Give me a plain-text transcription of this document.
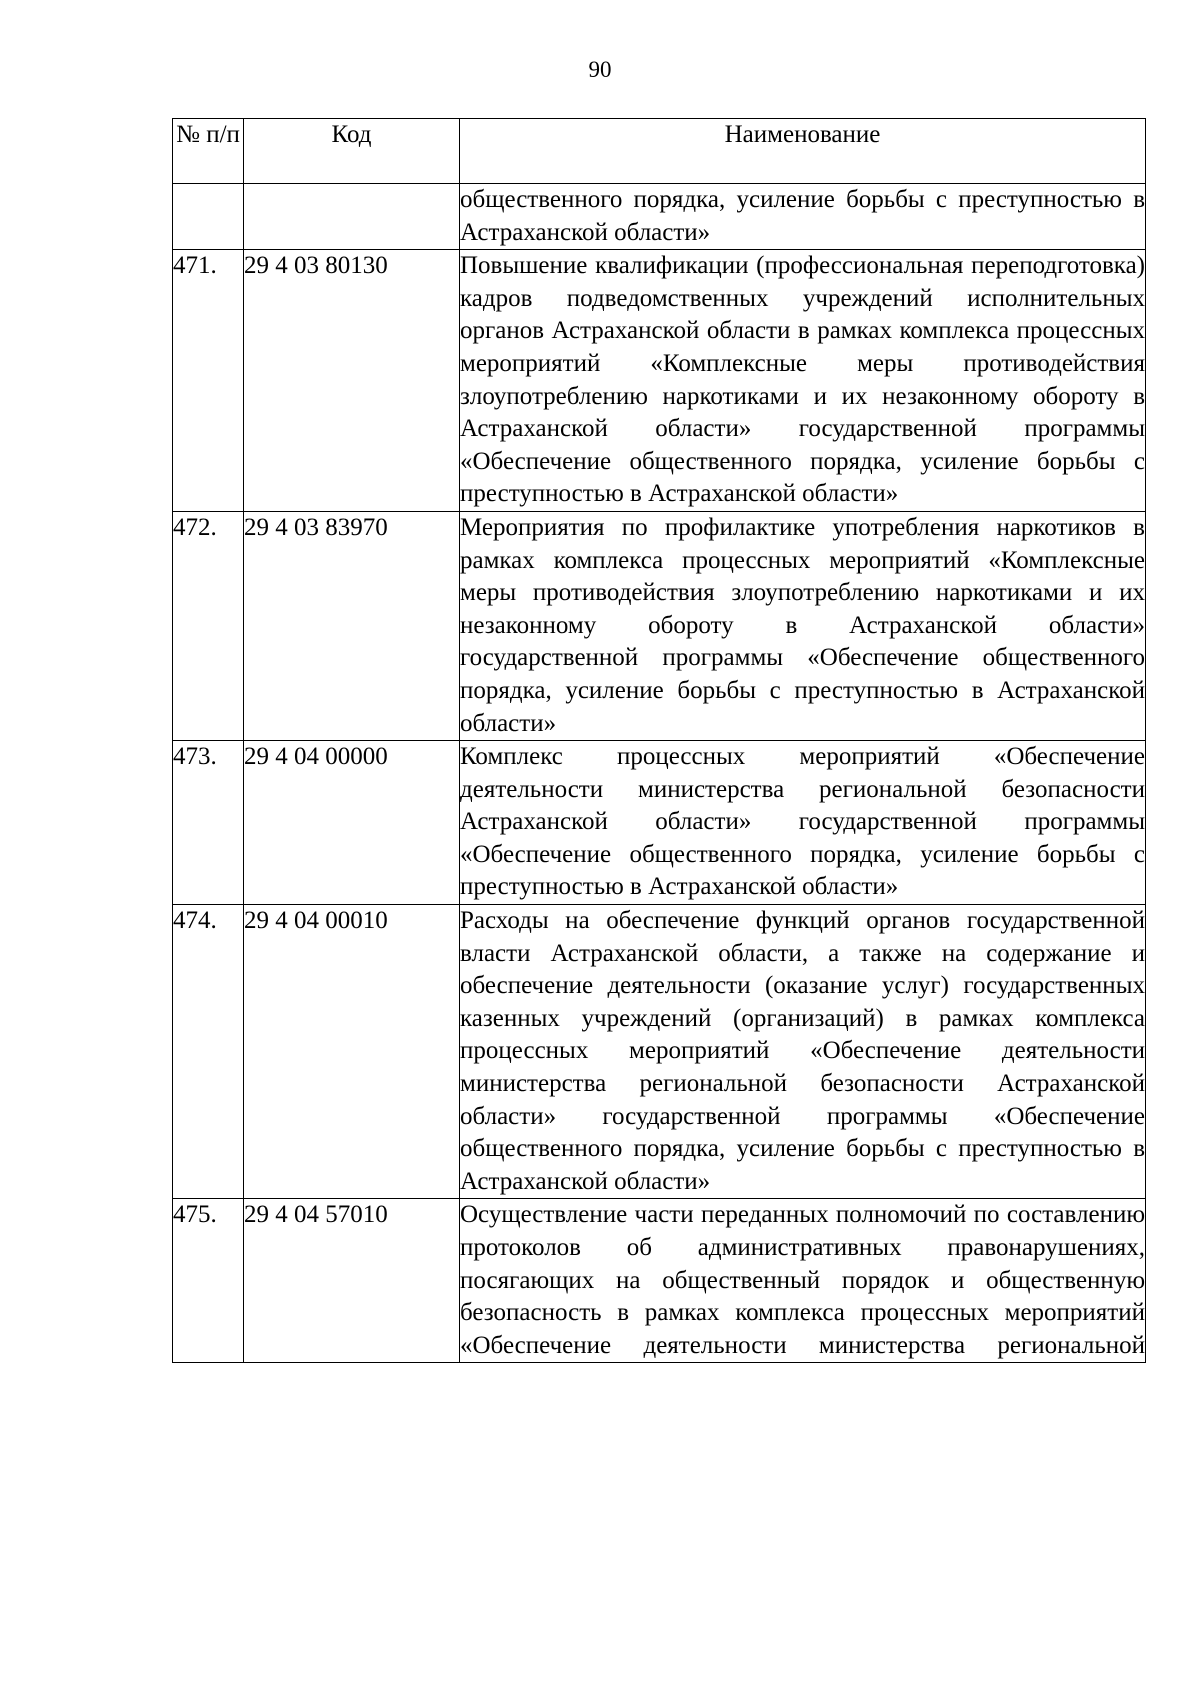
90
№ п/п	Код	Наименование
		общественного порядка, усиление борьбы с преступностью в Астраханской области»
471.	29 4 03 80130	Повышение квалификации (профессиональная переподготовка) кадров подведомственных учреждений исполнительных органов Астраханской области в рамках комплекса процессных мероприятий «Комплексные меры противодействия злоупотреблению наркотиками и их незаконному обороту в Астраханской области» государственной программы «Обеспечение общественного порядка, усиление борьбы с преступностью в Астраханской области»
472.	29 4 03 83970	Мероприятия по профилактике употребления наркотиков в рамках комплекса процессных мероприятий «Комплексные меры противодействия злоупотреблению наркотиками и их незаконному обороту в Астраханской области» государственной программы «Обеспечение общественного порядка, усиление борьбы с преступностью в Астраханской области»
473.	29 4 04 00000	Комплекс процессных мероприятий «Обеспечение деятельности министерства региональной безопасности Астраханской области» государственной программы «Обеспечение общественного порядка, усиление борьбы с преступностью в Астраханской области»
474.	29 4 04 00010	Расходы на обеспечение функций органов государственной власти Астраханской области, а также на содержание и обеспечение деятельности (оказание услуг) государственных казенных учреждений (организаций) в рамках комплекса процессных мероприятий «Обеспечение деятельности министерства региональной безопасности Астраханской области» государственной программы «Обеспечение общественного порядка, усиление борьбы с преступностью в Астраханской области»
475.	29 4 04 57010	Осуществление части переданных полномочий по составлению протоколов об административных правонарушениях, посягающих на общественный порядок и общественную безопасность в рамках комплекса процессных мероприятий «Обеспечение деятельности министерства региональной
